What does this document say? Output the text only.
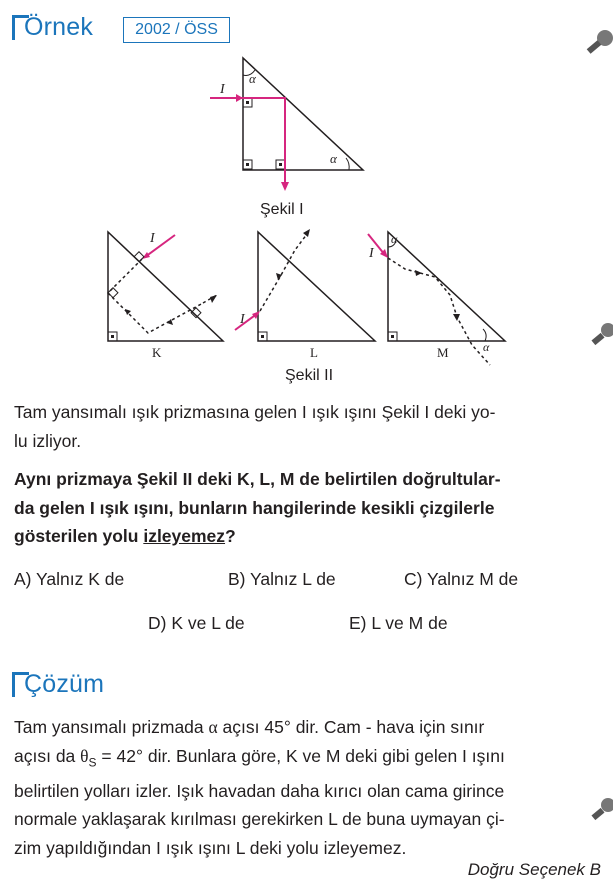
Örnek	2002 / ÖSS
I
α
α
Şekil I
I
K
I
L
I
α
α
M
Şekil II
Tam yansımalı ışık prizmasına gelen I ışık ışını Şekil I deki yo-
lu izliyor.
Aynı prizmaya Şekil II deki K, L, M de belirtilen doğrultular-
da gelen I ışık ışını, bunların hangilerinde kesikli çizgilerle
gösterilen yolu izleyemez?
A) Yalnız K de	B) Yalnız L de	C) Yalnız M de
D) K ve L de	E) L ve M de
Çözüm
Tam yansımalı prizmada α açısı 45° dir. Cam - hava için sınır
açısı da $\theta_S = 42^\circ$ dir. Bunlara göre, K ve M deki gibi gelen I ışını
belirtilen yolları izler. Işık havadan daha kırıcı olan cama girince
normale yaklaşarak kırılması gerekirken L de buna uymayan çi-
zim yapıldığından I ışık ışını L deki yolu izleyemez.
Doğru Seçenek B
